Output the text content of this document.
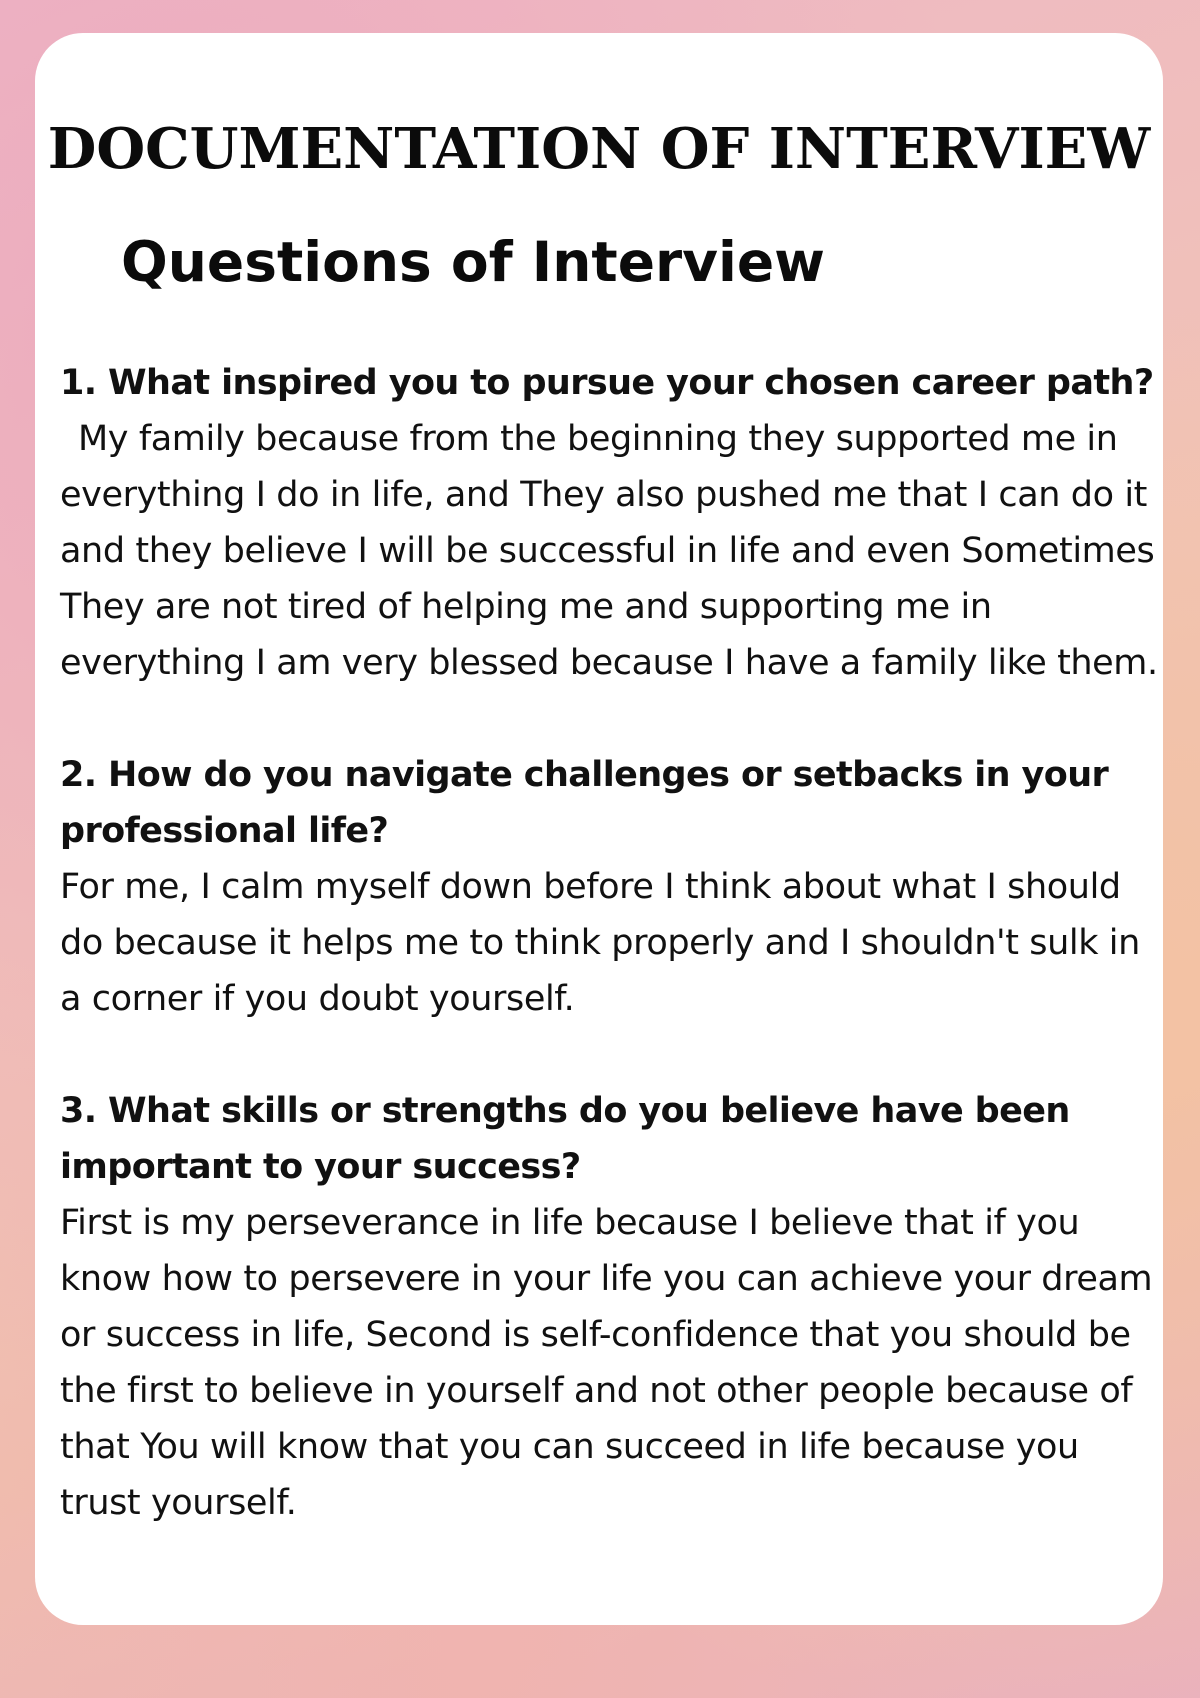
DOCUMENTATION OF INTERVIEW
Questions of Interview

1. What inspired you to pursue your chosen career path?

My family because from the beginning they supported me in everything I do in life, and They also pushed me that I can do it and they believe I will be successful in life and even Sometimes They are not tired of helping me and supporting me in everything I am very blessed because I have a family like them.

2. How do you navigate challenges or setbacks in your professional life?

For me, I calm myself down before I think about what I should do because it helps me to think properly and I shouldn't sulk in a corner if you doubt yourself.

3. What skills or strengths do you believe have been important to your success?

First is my perseverance in life because I believe that if you know how to persevere in your life you can achieve your dream or success in life, Second is self-confidence that you should be the first to believe in yourself and not other people because of that You will know that you can succeed in life because you trust yourself.
